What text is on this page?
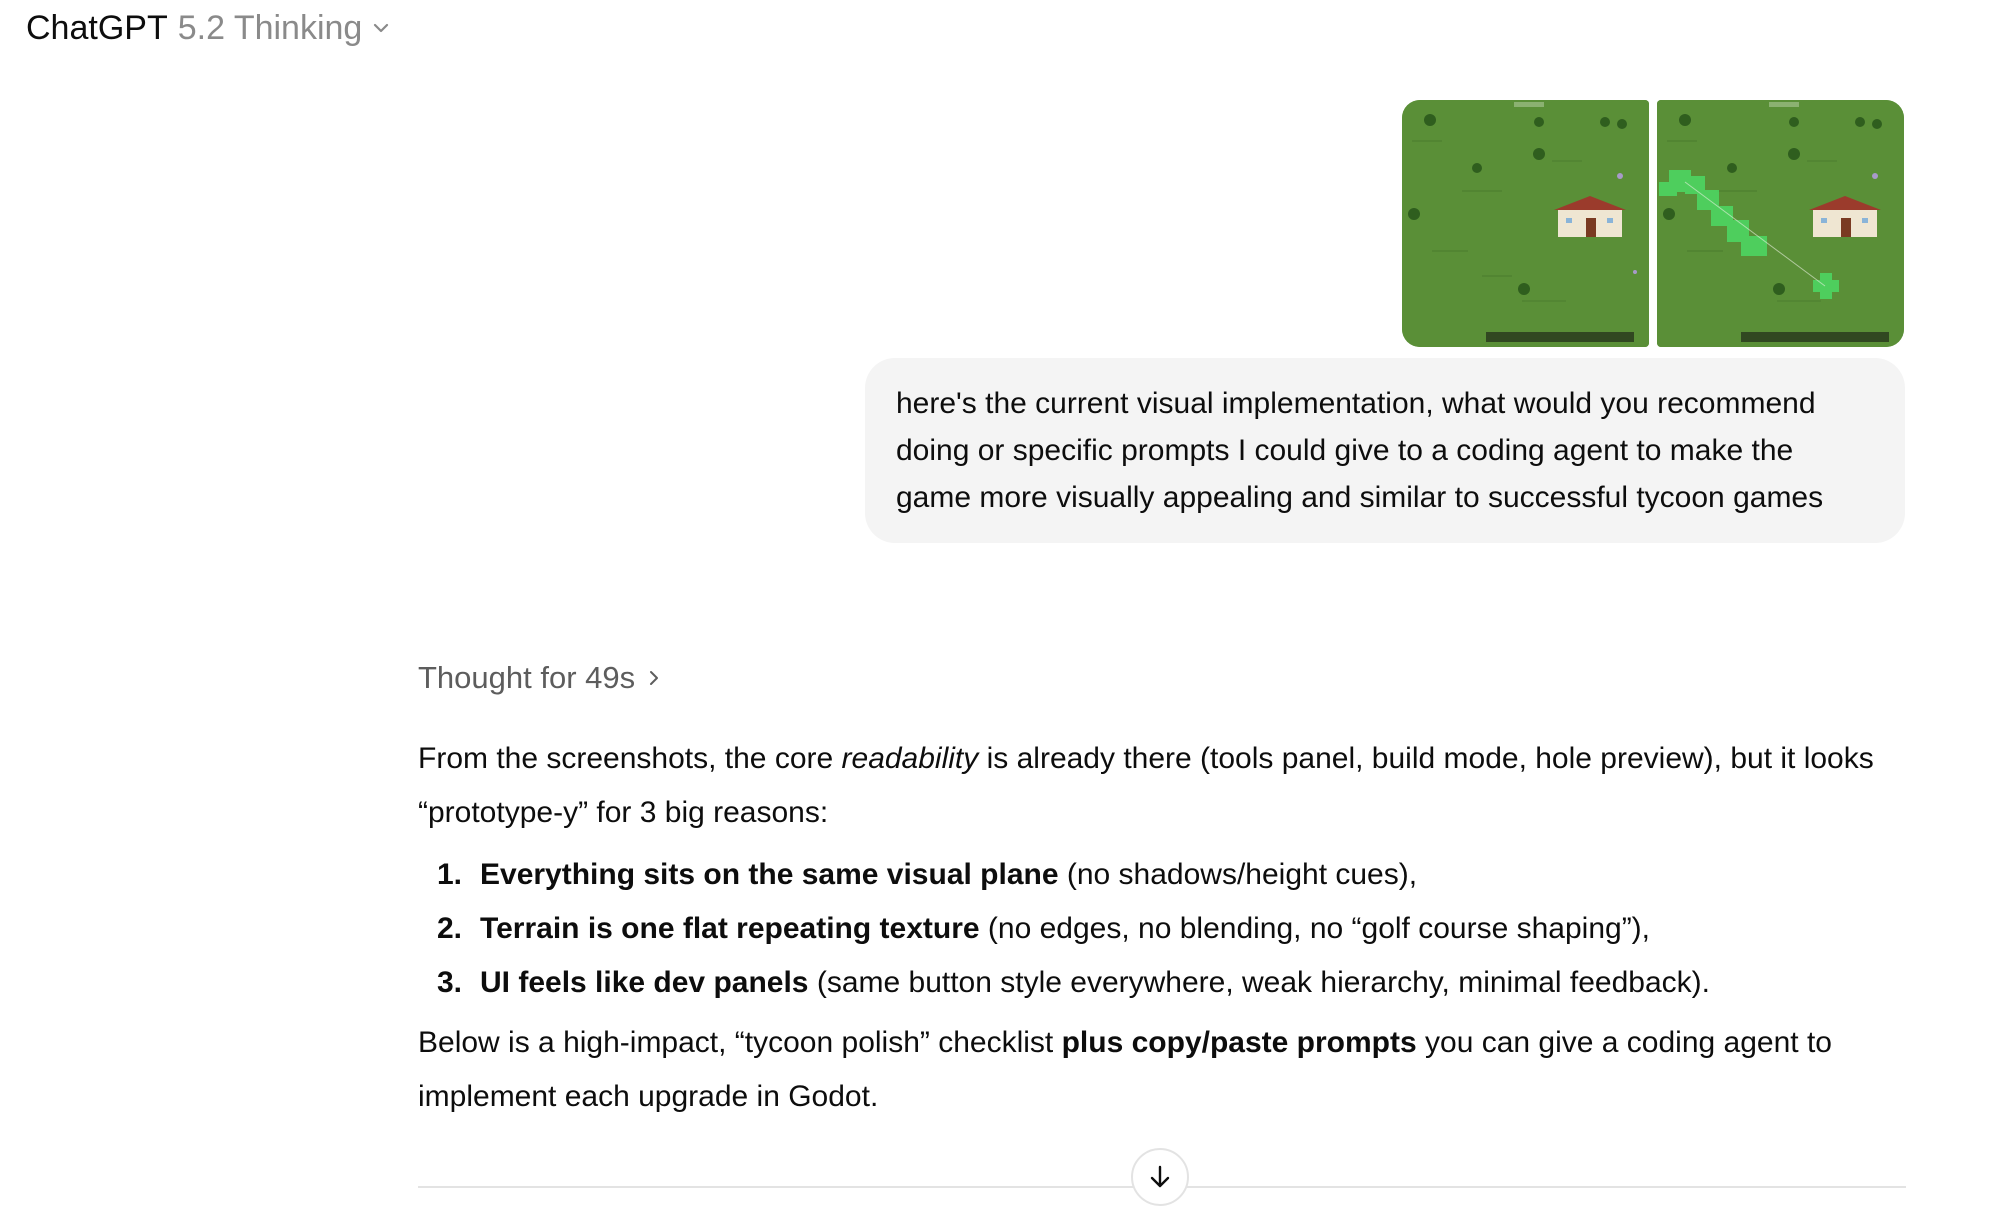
ChatGPT 5.2 Thinking
here's the current visual implementation, what would you recommend doing or specific prompts I could give to a coding agent to make the game more visually appealing and similar to successful tycoon games
Thought for 49s

From the screenshots, the core readability is already there (tools panel, build mode, hole preview), but it looks “prototype-y” for 3 big reasons:

1. Everything sits on the same visual plane (no shadows/height cues),
2. Terrain is one flat repeating texture (no edges, no blending, no “golf course shaping”),
3. UI feels like dev panels (same button style everywhere, weak hierarchy, minimal feedback).

Below is a high-impact, “tycoon polish” checklist plus copy/paste prompts you can give a coding agent to implement each upgrade in Godot.
